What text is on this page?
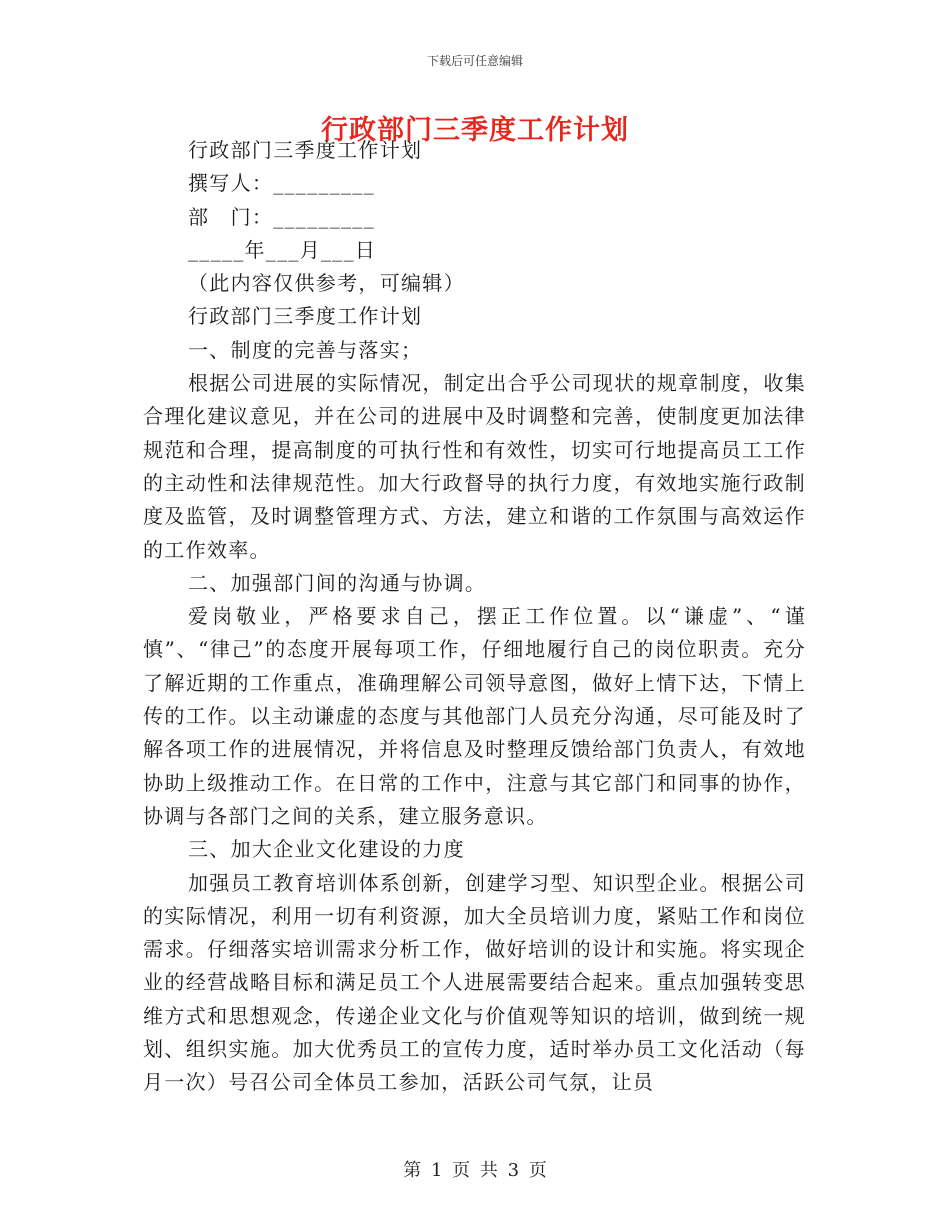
下载后可任意编辑
行政部门三季度工作计划

行政部门三季度工作计划

撰写人：_________

部　门：_________

_____年___月___日

（此内容仅供参考，可编辑）

行政部门三季度工作计划

一、制度的完善与落实；

根据公司进展的实际情况，制定出合乎公司现状的规章制度，收集合理化建议意见，并在公司的进展中及时调整和完善，使制度更加法律规范和合理，提高制度的可执行性和有效性，切实可行地提高员工工作的主动性和法律规范性。加大行政督导的执行力度，有效地实施行政制度及监管，及时调整管理方式、方法，建立和谐的工作氛围与高效运作的工作效率。

二、加强部门间的沟通与协调。

爱岗敬业，严格要求自己，摆正工作位置。以“谦虚”、“谨慎”、“律己”的态度开展每项工作，仔细地履行自己的岗位职责。充分了解近期的工作重点，准确理解公司领导意图，做好上情下达，下情上传的工作。以主动谦虚的态度与其他部门人员充分沟通，尽可能及时了解各项工作的进展情况，并将信息及时整理反馈给部门负责人，有效地协助上级推动工作。在日常的工作中，注意与其它部门和同事的协作，协调与各部门之间的关系，建立服务意识。

三、加大企业文化建设的力度

加强员工教育培训体系创新，创建学习型、知识型企业。根据公司的实际情况，利用一切有利资源，加大全员培训力度，紧贴工作和岗位需求。仔细落实培训需求分析工作，做好培训的设计和实施。将实现企业的经营战略目标和满足员工个人进展需要结合起来。重点加强转变思维方式和思想观念，传递企业文化与价值观等知识的培训，做到统一规划、组织实施。加大优秀员工的宣传力度，适时举办员工文化活动（每月一次）号召公司全体员工参加，活跃公司气氛，让员

第 1 页 共 3 页
